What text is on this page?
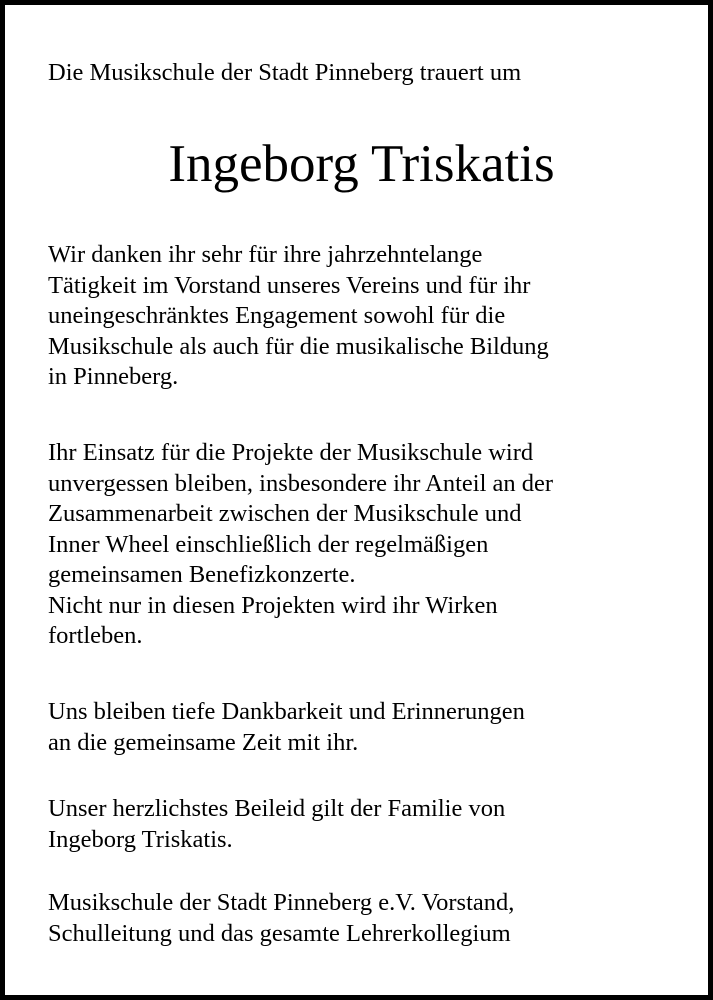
Die Musikschule der Stadt Pinneberg trauert um

Ingeborg Triskatis

Wir danken ihr sehr für ihre jahrzehntelange
Tätigkeit im Vorstand unseres Vereins und für ihr
uneingeschränktes Engagement sowohl für die
Musikschule als auch für die musikalische Bildung
in Pinneberg.

Ihr Einsatz für die Projekte der Musikschule wird
unvergessen bleiben, insbesondere ihr Anteil an der
Zusammenarbeit zwischen der Musikschule und
Inner Wheel einschließlich der regelmäßigen
gemeinsamen Benefizkonzerte.
Nicht nur in diesen Projekten wird ihr Wirken
fortleben.

Uns bleiben tiefe Dankbarkeit und Erinnerungen
an die gemeinsame Zeit mit ihr.

Unser herzlichstes Beileid gilt der Familie von
Ingeborg Triskatis.

Musikschule der Stadt Pinneberg e.V. Vorstand,
Schulleitung und das gesamte Lehrerkollegium
